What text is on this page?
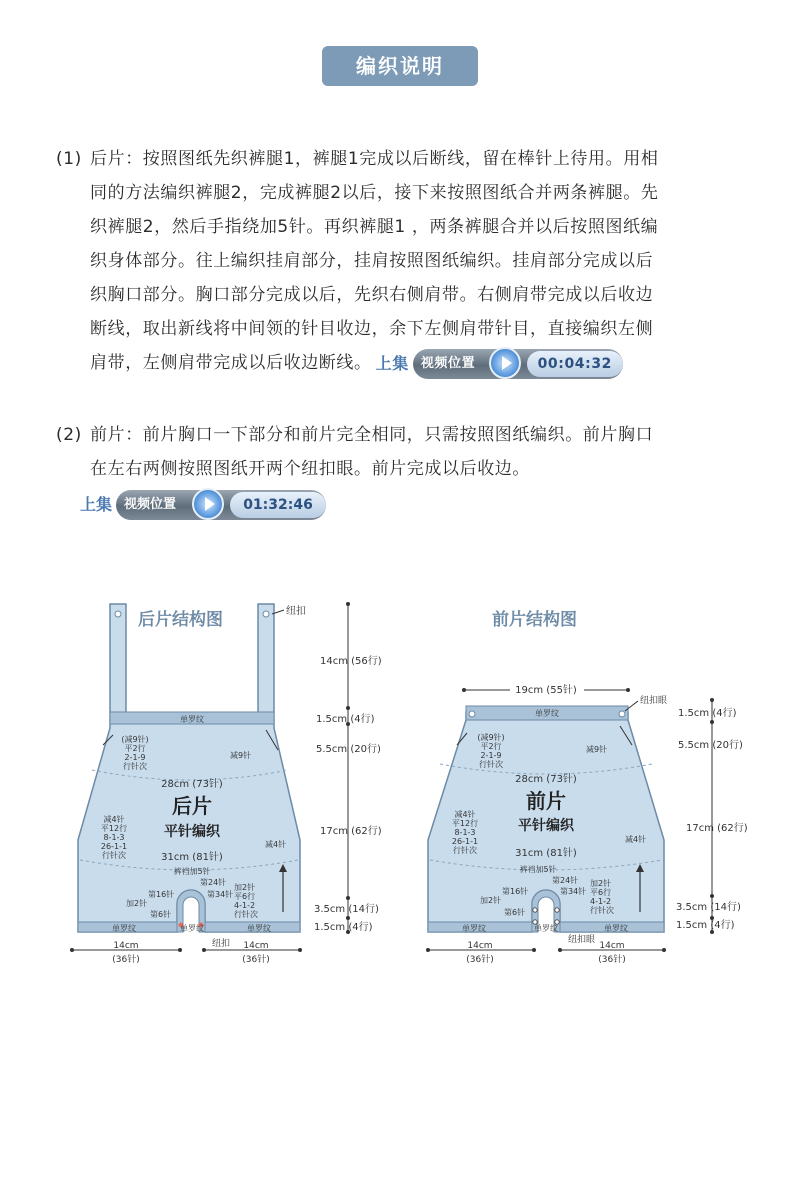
编织说明
(1) 后片：按照图纸先织裤腿1，裤腿1完成以后断线，留在棒针上待用。用相
同的方法编织裤腿2，完成裤腿2以后，接下来按照图纸合并两条裤腿。先
织裤腿2，然后手指绕加5针。再织裤腿1 ，两条裤腿合并以后按照图纸编
织身体部分。往上编织挂肩部分，挂肩按照图纸编织。挂肩部分完成以后
织胸口部分。胸口部分完成以后，先织右侧肩带。右侧肩带完成以后收边
断线，取出新线将中间领的针目收边，余下左侧肩带针目，直接编织左侧
肩带，左侧肩带完成以后收边断线。 上集 视频位置	00:04:32
(2) 前片：前片胸口一下部分和前片完全相同，只需按照图纸编织。前片胸口
在左右两侧按照图纸开两个纽扣眼。前片完成以后收边。
上集 视频位置	01:32:46
后片结构图	纽扣
单罗纹
单罗纹
单罗纹	单罗纹
减9针
(减9针)
平2行
2-1-9
行针次
28cm (73针)
后片
平针编织
减4针
减4针
平12行
8-1-3
26-1-1
行针次	31cm (81针)
裤裆加5针
第24针
第16针	第34针
加2针
第6针
加2针
平6行
4-1-2
行针次
纽扣
14cm
(36针)
14cm
(36针)
14cm (56行)
1.5cm (4行)
5.5cm (20行)
17cm (62行)
3.5cm (14行)
1.5cm (4行)
前片结构图
19cm (55针)
纽扣眼
单罗纹
单罗纹
单罗纹	单罗纹
减9针
(减9针)
平2行
2-1-9
行针次
28cm (73针)
前片
平针编织
减4针
减4针
平12行
8-1-3
26-1-1
行针次	31cm (81针)
裤裆加5针
第24针
第16针	第34针
加2针
第6针
加2针
平6行
4-1-2
行针次
纽扣眼
14cm
(36针)
14cm
(36针)
1.5cm (4行)
5.5cm (20行)
17cm (62行)
3.5cm (14行)
1.5cm (4行)
